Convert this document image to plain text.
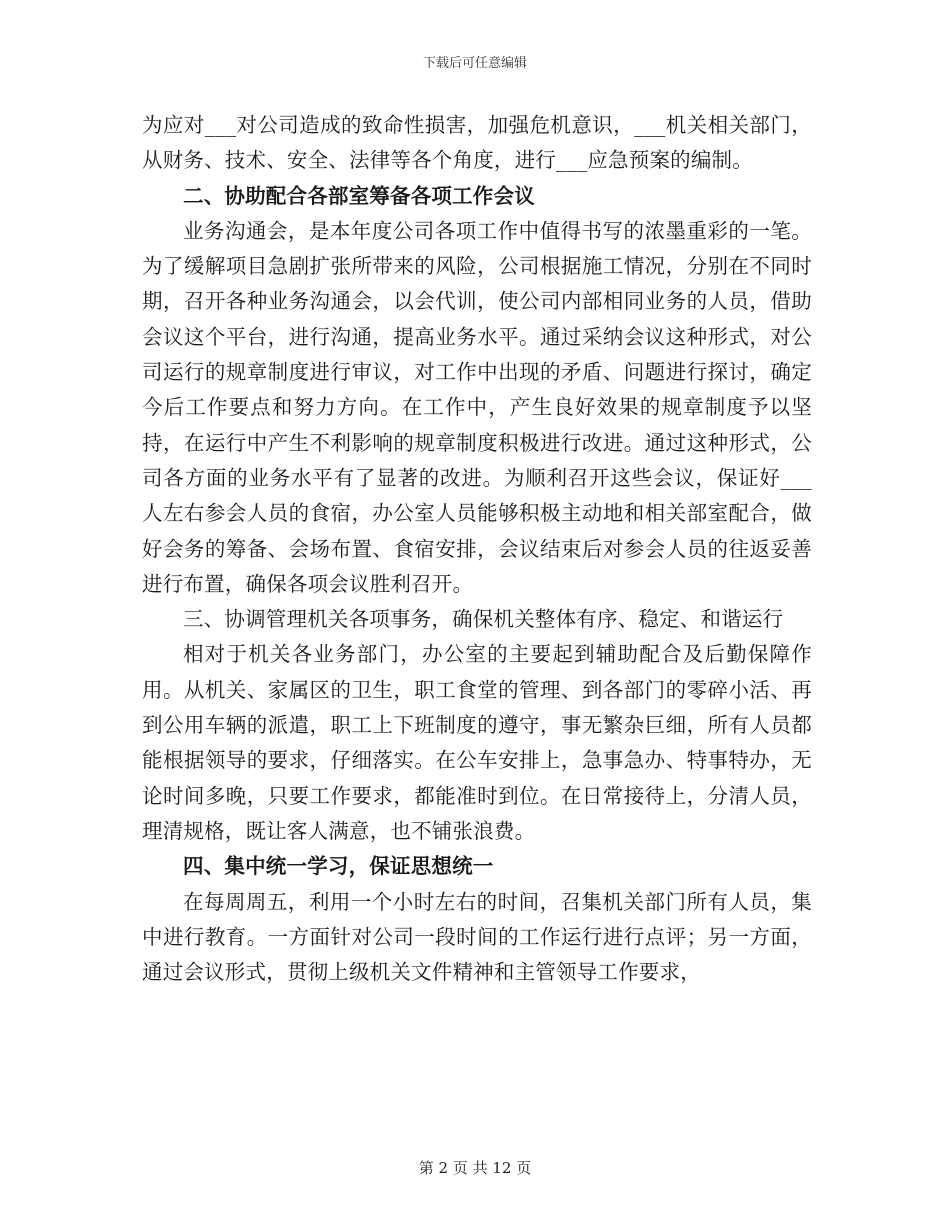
下载后可任意编辑

为应对___对公司造成的致命性损害，加强危机意识，___机关相关部门，从财务、技术、安全、法律等各个角度，进行___应急预案的编制。

二、协助配合各部室筹备各项工作会议

业务沟通会，是本年度公司各项工作中值得书写的浓墨重彩的一笔。为了缓解项目急剧扩张所带来的风险，公司根据施工情况，分别在不同时期，召开各种业务沟通会，以会代训，使公司内部相同业务的人员，借助会议这个平台，进行沟通，提高业务水平。通过采纳会议这种形式，对公司运行的规章制度进行审议，对工作中出现的矛盾、问题进行探讨，确定今后工作要点和努力方向。在工作中，产生良好效果的规章制度予以坚持，在运行中产生不利影响的规章制度积极进行改进。通过这种形式，公司各方面的业务水平有了显著的改进。为顺利召开这些会议，保证好___人左右参会人员的食宿，办公室人员能够积极主动地和相关部室配合，做好会务的筹备、会场布置、食宿安排，会议结束后对参会人员的往返妥善进行布置，确保各项会议胜利召开。

三、协调管理机关各项事务，确保机关整体有序、稳定、和谐运行

相对于机关各业务部门，办公室的主要起到辅助配合及后勤保障作用。从机关、家属区的卫生，职工食堂的管理、到各部门的零碎小活、再到公用车辆的派遣，职工上下班制度的遵守，事无繁杂巨细，所有人员都能根据领导的要求，仔细落实。在公车安排上，急事急办、特事特办，无论时间多晚，只要工作要求，都能准时到位。在日常接待上，分清人员，理清规格，既让客人满意，也不铺张浪费。

四、集中统一学习，保证思想统一

在每周周五，利用一个小时左右的时间，召集机关部门所有人员，集中进行教育。一方面针对公司一段时间的工作运行进行点评；另一方面，通过会议形式，贯彻上级机关文件精神和主管领导工作要求，

第 2 页 共 12 页
